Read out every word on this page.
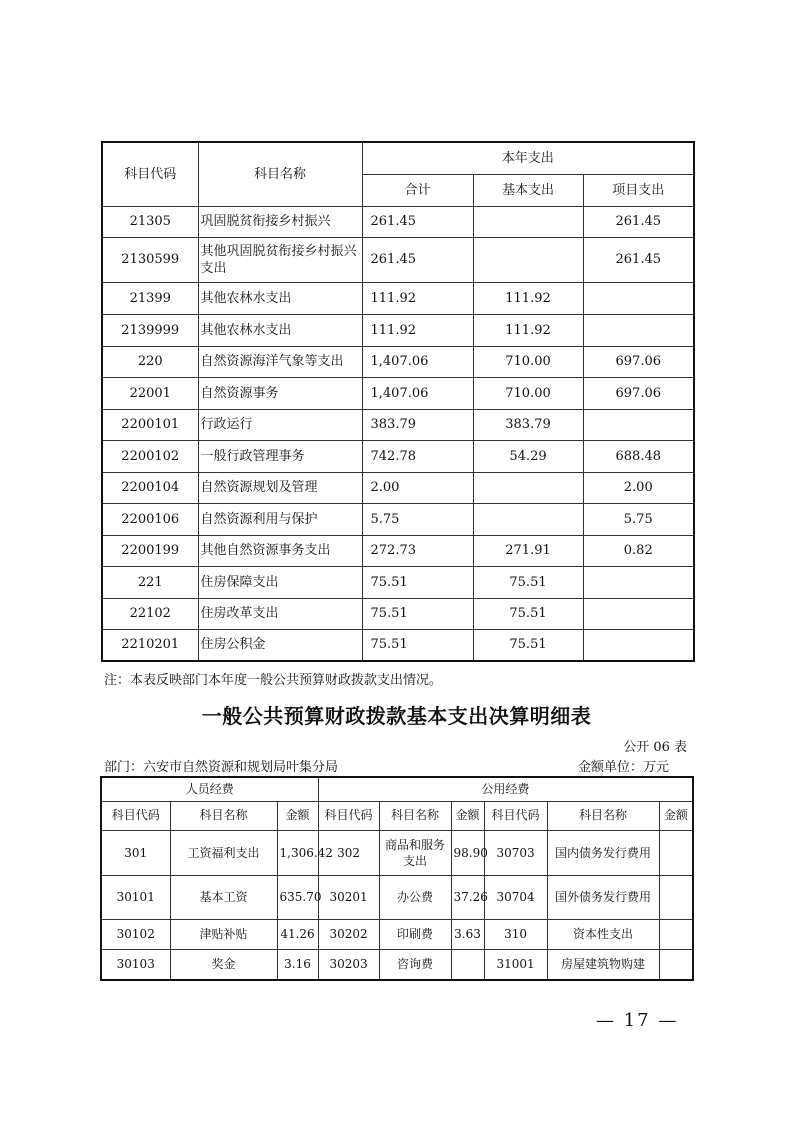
科目代码	科目名称	本年支出		
		合计	基本支出	项目支出
21305	巩固脱贫衔接乡村振兴	261.45		261.45
2130599	其他巩固脱贫衔接乡村振兴支出	261.45		261.45
21399	其他农林水支出	111.92	111.92	
2139999	其他农林水支出	111.92	111.92	
220	自然资源海洋气象等支出	1,407.06	710.00	697.06
22001	自然资源事务	1,407.06	710.00	697.06
2200101	行政运行	383.79	383.79	
2200102	一般行政管理事务	742.78	54.29	688.48
2200104	自然资源规划及管理	2.00		2.00
2200106	自然资源利用与保护	5.75		5.75
2200199	其他自然资源事务支出	272.73	271.91	0.82
221	住房保障支出	75.51	75.51	
22102	住房改革支出	75.51	75.51	
2210201	住房公积金	75.51	75.51	
注：本表反映部门本年度一般公共预算财政拨款支出情况。
一般公共预算财政拨款基本支出决算明细表
公开 06 表
部门：六安市自然资源和规划局叶集分局	金额单位：万元
人员经费			公用经费					
科目代码	科目名称	金额	科目代码	科目名称	金额	科目代码	科目名称	金额
301	工资福利支出	1,306.42	302	商品和服务支出	98.90	30703	国内债务发行费用	
30101	基本工资	635.70	30201	办公费	37.26	30704	国外债务发行费用	
30102	津贴补贴	41.26	30202	印刷费	3.63	310	资本性支出	
30103	奖金	3.16	30203	咨询费		31001	房屋建筑物购建	
— 17 —
